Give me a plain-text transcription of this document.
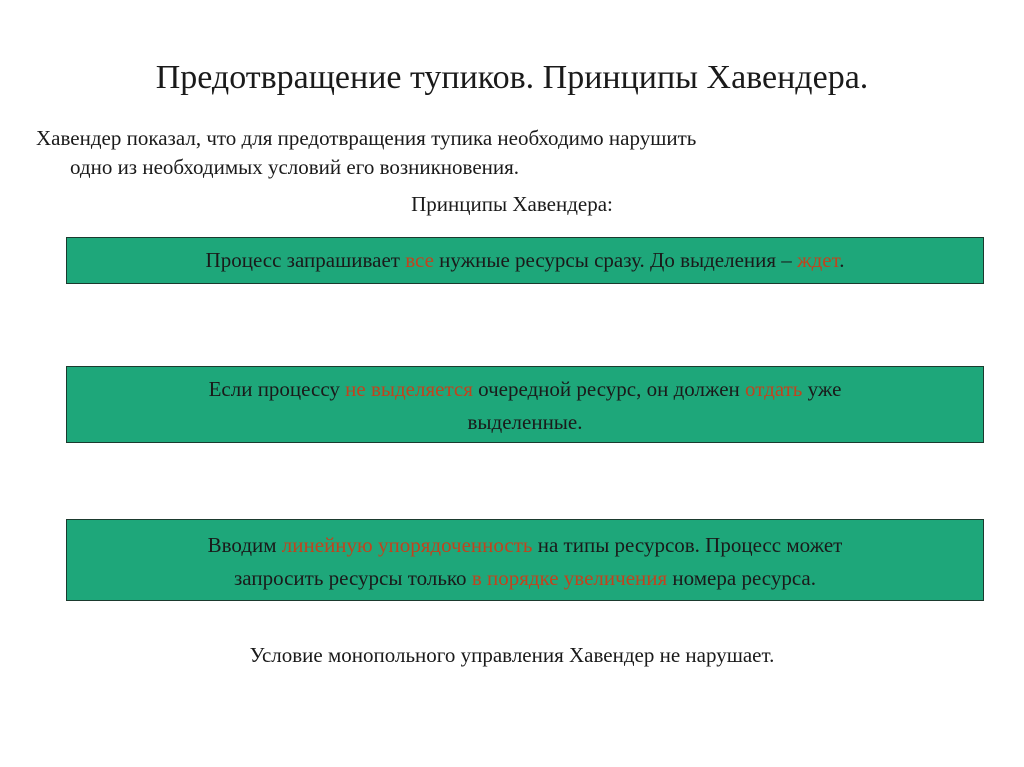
Предотвращение тупиков. Принципы Хавендера.
Хавендер показал, что для предотвращения тупика необходимо нарушить
одно из необходимых условий его возникновения.
Принципы Хавендера:
Процесс запрашивает все нужные ресурсы сразу. До выделения – ждет.
Если процессу не выделяется очередной ресурс, он должен отдать уже
выделенные.
Вводим линейную упорядоченность на типы ресурсов. Процесс может
запросить ресурсы только в порядке увеличения номера ресурса.
Условие монопольного управления Хавендер не нарушает.
